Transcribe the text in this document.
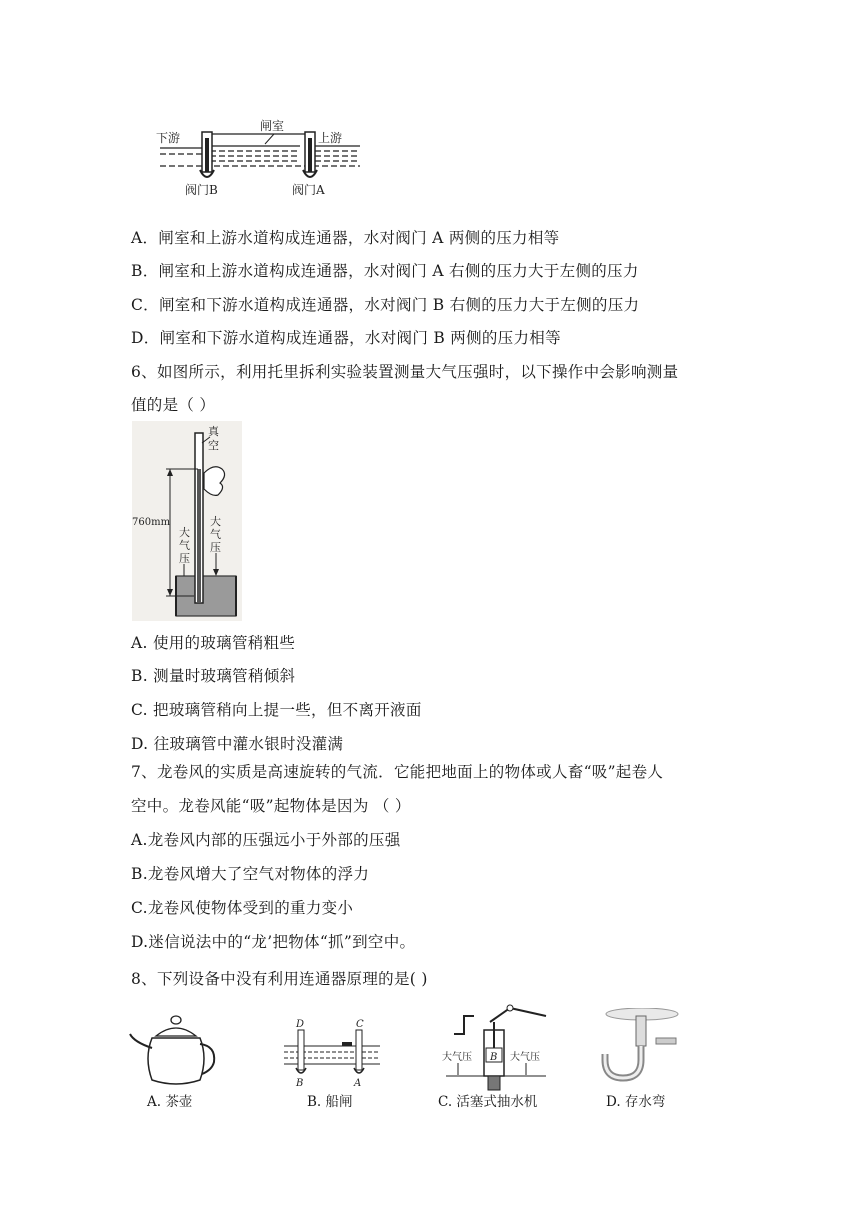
下游
闸室
上游
阀门B	阀门A
A．闸室和上游水道构成连通器，水对阀门 A 两侧的压力相等
B．闸室和上游水道构成连通器，水对阀门 A 右侧的压力大于左侧的压力
C．闸室和下游水道构成连通器，水对阀门 B 右侧的压力大于左侧的压力
D．闸室和下游水道构成连通器，水对阀门 B 两侧的压力相等
6、如图所示，利用托里拆利实验装置测量大气压强时，以下操作中会影响测量
值的是（ ）
真
空
760mm
大
气
压
大
气
压
A. 使用的玻璃管稍粗些
B. 测量时玻璃管稍倾斜
C. 把玻璃管稍向上提一些，但不离开液面
D. 往玻璃管中灌水银时没灌满
7、龙卷风的实质是高速旋转的气流．它能把地面上的物体或人畜“吸”起卷人
空中。龙卷风能“吸”起物体是因为 （ ）
A.龙卷风内部的压强远小于外部的压强
B.龙卷风增大了空气对物体的浮力
C.龙卷风使物体受到的重力变小
D.迷信说法中的“龙’把物体“抓”到空中。
8、下列设备中没有利用连通器原理的是( )
A. 茶壶
D	C
B	A
B. 船闸
B
大气压	大气压
C. 活塞式抽水机	D. 存水弯
